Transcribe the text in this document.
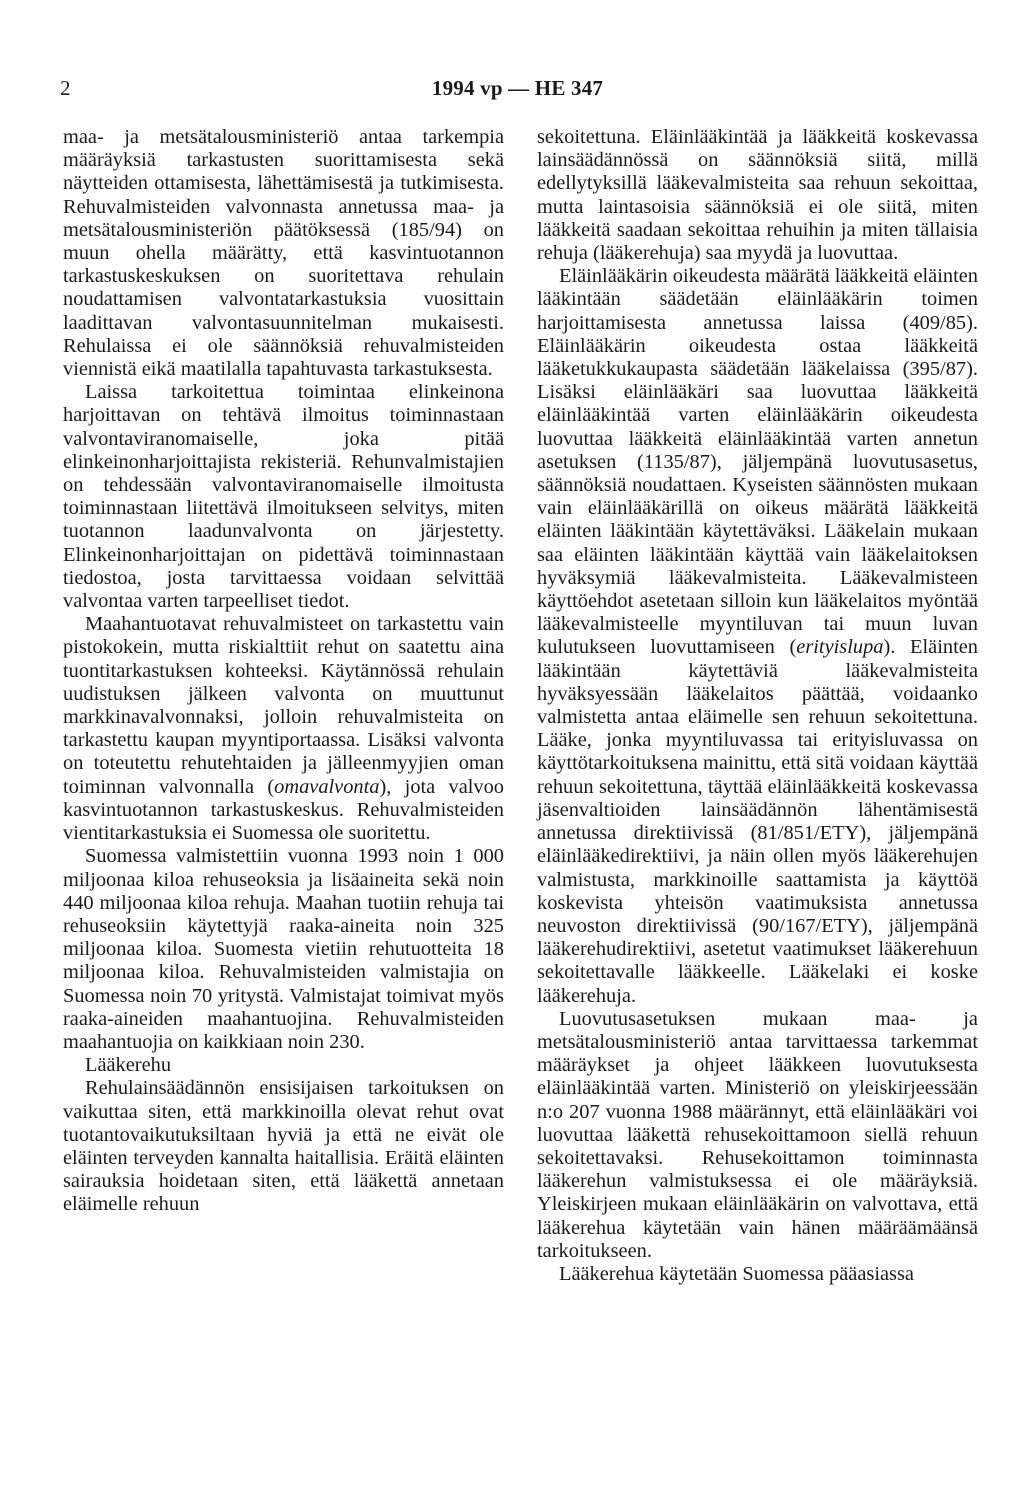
2	1994 vp — HE 347

maa- ja metsätalousministeriö antaa tarkempia määräyksiä tarkastusten suorittamisesta sekä näytteiden ottamisesta, lähettämisestä ja tutkimisesta. Rehuvalmisteiden valvonnasta annetussa maa- ja metsätalousministeriön päätöksessä (185/94) on muun ohella määrätty, että kasvintuotannon tarkastuskeskuksen on suoritettava rehulain noudattamisen valvontatarkastuksia vuosittain laadittavan valvontasuunnitelman mukaisesti. Rehulaissa ei ole säännöksiä rehuvalmisteiden viennistä eikä maatilalla tapahtuvasta tarkastuksesta.

Laissa tarkoitettua toimintaa elinkeinona harjoittavan on tehtävä ilmoitus toiminnastaan valvontaviranomaiselle, joka pitää elinkeinonharjoittajista rekisteriä. Rehunvalmistajien on tehdessään valvontaviranomaiselle ilmoitusta toiminnastaan liitettävä ilmoitukseen selvitys, miten tuotannon laadunvalvonta on järjestetty. Elinkeinonharjoittajan on pidettävä toiminnastaan tiedostoa, josta tarvittaessa voidaan selvittää valvontaa varten tarpeelliset tiedot.

Maahantuotavat rehuvalmisteet on tarkastettu vain pistokokein, mutta riskialttiit rehut on saatettu aina tuontitarkastuksen kohteeksi. Käytännössä rehulain uudistuksen jälkeen valvonta on muuttunut markkinavalvonnaksi, jolloin rehuvalmisteita on tarkastettu kaupan myyntiportaassa. Lisäksi valvonta on toteutettu rehutehtaiden ja jälleenmyyjien oman toiminnan valvonnalla (omavalvonta), jota valvoo kasvintuotannon tarkastuskeskus. Rehuvalmisteiden vientitarkastuksia ei Suomessa ole suoritettu.

Suomessa valmistettiin vuonna 1993 noin 1 000 miljoonaa kiloa rehuseoksia ja lisäaineita sekä noin 440 miljoonaa kiloa rehuja. Maahan tuotiin rehuja tai rehuseoksiin käytettyjä raaka-aineita noin 325 miljoonaa kiloa. Suomesta vietiin rehutuotteita 18 miljoonaa kiloa. Rehuvalmisteiden valmistajia on Suomessa noin 70 yritystä. Valmistajat toimivat myös raaka-aineiden maahantuojina. Rehuvalmisteiden maahantuojia on kaikkiaan noin 230.

Lääkerehu

Rehulainsäädännön ensisijaisen tarkoituksen on vaikuttaa siten, että markkinoilla olevat rehut ovat tuotantovaikutuksiltaan hyviä ja että ne eivät ole eläinten terveyden kannalta haitallisia. Eräitä eläinten sairauksia hoidetaan siten, että lääkettä annetaan eläimelle rehuun

sekoitettuna. Eläinlääkintää ja lääkkeitä koskevassa lainsäädännössä on säännöksiä siitä, millä edellytyksillä lääkevalmisteita saa rehuun sekoittaa, mutta laintasoisia säännöksiä ei ole siitä, miten lääkkeitä saadaan sekoittaa rehuihin ja miten tällaisia rehuja (lääkerehuja) saa myydä ja luovuttaa.

Eläinlääkärin oikeudesta määrätä lääkkeitä eläinten lääkintään säädetään eläinlääkärin toimen harjoittamisesta annetussa laissa (409/85). Eläinlääkärin oikeudesta ostaa lääkkeitä lääketukkukaupasta säädetään lääkelaissa (395/87). Lisäksi eläinlääkäri saa luovuttaa lääkkeitä eläinlääkintää varten eläinlääkärin oikeudesta luovuttaa lääkkeitä eläinlääkintää varten annetun asetuksen (1135/87), jäljempänä luovutusasetus, säännöksiä noudattaen. Kyseisten säännösten mukaan vain eläinlääkärillä on oikeus määrätä lääkkeitä eläinten lääkintään käytettäväksi. Lääkelain mukaan saa eläinten lääkintään käyttää vain lääkelaitoksen hyväksymiä lääkevalmisteita. Lääkevalmisteen käyttöehdot asetetaan silloin kun lääkelaitos myöntää lääkevalmisteelle myyntiluvan tai muun luvan kulutukseen luovuttamiseen (erityislupa). Eläinten lääkintään käytettäviä lääkevalmisteita hyväksyessään lääkelaitos päättää, voidaanko valmistetta antaa eläimelle sen rehuun sekoitettuna. Lääke, jonka myyntiluvassa tai erityisluvassa on käyttötarkoituksena mainittu, että sitä voidaan käyttää rehuun sekoitettuna, täyttää eläinlääkkeitä koskevassa jäsenvaltioiden lainsäädännön lähentämisestä annetussa direktiivissä (81/851/ETY), jäljempänä eläinlääkedirektiivi, ja näin ollen myös lääkerehujen valmistusta, markkinoille saattamista ja käyttöä koskevista yhteisön vaatimuksista annetussa neuvoston direktiivissä (90/167/ETY), jäljempänä lääkerehudirektiivi, asetetut vaatimukset lääkerehuun sekoitettavalle lääkkeelle. Lääkelaki ei koske lääkerehuja.

Luovutusasetuksen mukaan maa- ja metsätalousministeriö antaa tarvittaessa tarkemmat määräykset ja ohjeet lääkkeen luovutuksesta eläinlääkintää varten. Ministeriö on yleiskirjeessään n:o 207 vuonna 1988 määrännyt, että eläinlääkäri voi luovuttaa lääkettä rehusekoittamoon siellä rehuun sekoitettavaksi. Rehusekoittamon toiminnasta lääkerehun valmistuksessa ei ole määräyksiä. Yleiskirjeen mukaan eläinlääkärin on valvottava, että lääkerehua käytetään vain hänen määräämäänsä tarkoitukseen.

Lääkerehua käytetään Suomessa pääasiassa
